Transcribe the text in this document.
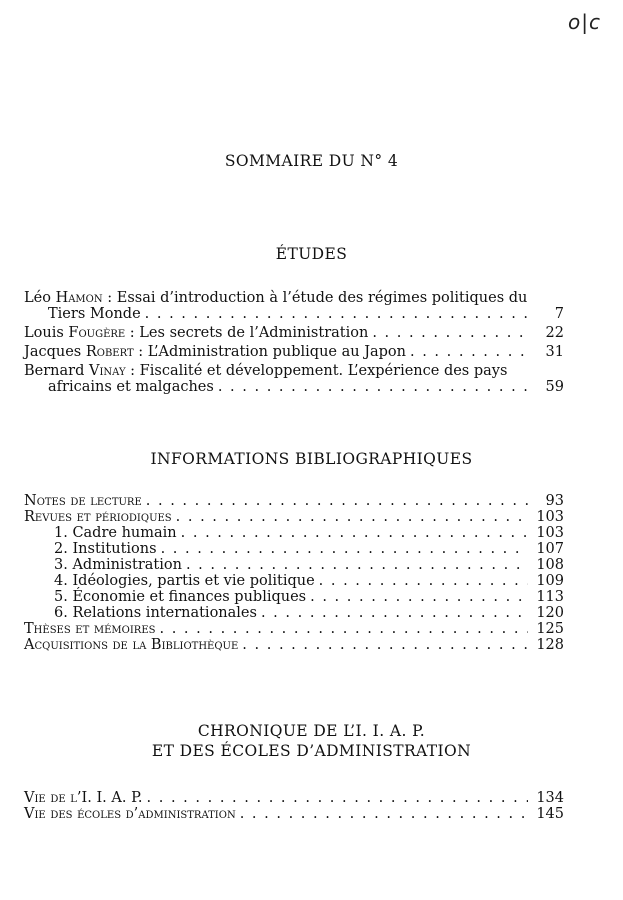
o|c
SOMMAIRE DU N° 4
ÉTUDES
Léo Hamon : Essai d’introduction à l’étude des régimes politiques du
Tiers Monde . . .	7
Louis Fougère : Les secrets de l’Administration . . .	22
Jacques Robert : L’Administration publique au Japon . . .	31
Bernard Vinay : Fiscalité et développement. L’expérience des pays
africains et malgaches . . .	59
INFORMATIONS BIBLIOGRAPHIQUES
Notes de lecture . . .	93
Revues et périodiques . . .	103
1. Cadre humain . . .	103
2. Institutions . . .	107
3. Administration . . .	108
4. Idéologies, partis et vie politique . . .	109
5. Économie et finances publiques . . .	113
6. Relations internationales . . .	120
Thèses et mémoires . . .	125
Acquisitions de la Bibliothèque . . .	128
CHRONIQUE DE L’I. I. A. P.
ET DES ÉCOLES D’ADMINISTRATION
Vie de l’I. I. A. P. . . .	134
Vie des écoles d’administration . . .	145
